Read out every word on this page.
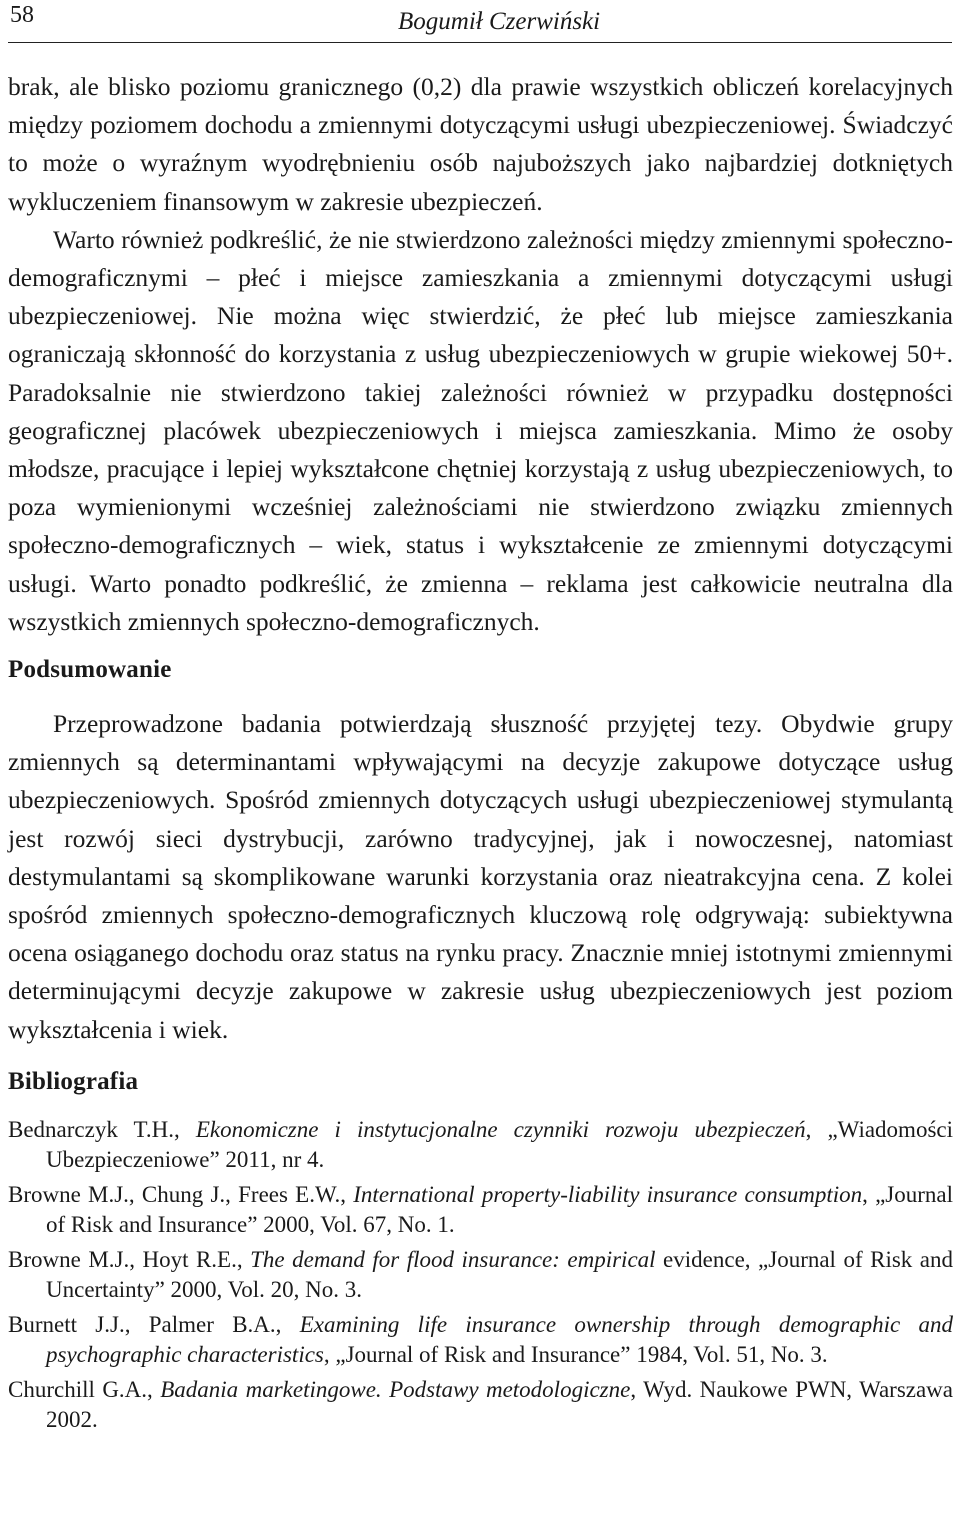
58	Bogumił Czerwiński

brak, ale blisko poziomu granicznego (0,2) dla prawie wszystkich obliczeń korelacyjnych między poziomem dochodu a zmiennymi dotyczącymi usługi ubezpieczeniowej. Świadczyć to może o wyraźnym wyodrębnieniu osób najuboższych jako najbardziej dotkniętych wykluczeniem finansowym w zakresie ubezpieczeń.

Warto również podkreślić, że nie stwierdzono zależności między zmiennymi społeczno-demograficznymi – płeć i miejsce zamieszkania a zmiennymi dotyczącymi usługi ubezpieczeniowej. Nie można więc stwierdzić, że płeć lub miejsce zamieszkania ograniczają skłonność do korzystania z usług ubezpieczeniowych w grupie wiekowej 50+. Paradoksalnie nie stwierdzono takiej zależności również w przypadku dostępności geograficznej placówek ubezpieczeniowych i miejsca zamieszkania. Mimo że osoby młodsze, pracujące i lepiej wykształcone chętniej korzystają z usług ubezpieczeniowych, to poza wymienionymi wcześniej zależnościami nie stwierdzono związku zmiennych społeczno-demograficznych – wiek, status i wykształcenie ze zmiennymi dotyczącymi usługi. Warto ponadto podkreślić, że zmienna – reklama jest całkowicie neutralna dla wszystkich zmiennych społeczno-demograficznych.

Podsumowanie

Przeprowadzone badania potwierdzają słuszność przyjętej tezy. Obydwie grupy zmiennych są determinantami wpływającymi na decyzje zakupowe dotyczące usług ubezpieczeniowych. Spośród zmiennych dotyczących usługi ubezpieczeniowej stymulantą jest rozwój sieci dystrybucji, zarówno tradycyjnej, jak i nowoczesnej, natomiast destymulantami są skomplikowane warunki korzystania oraz nieatrakcyjna cena. Z kolei spośród zmiennych społeczno-demograficznych kluczową rolę odgrywają: subiektywna ocena osiąganego dochodu oraz status na rynku pracy. Znacznie mniej istotnymi zmiennymi determinującymi decyzje zakupowe w zakresie usług ubezpieczeniowych jest poziom wykształcenia i wiek.

Bibliografia
Bednarczyk T.H., Ekonomiczne i instytucjonalne czynniki rozwoju ubezpieczeń, „Wiadomości Ubezpieczeniowe” 2011, nr 4.
Browne M.J., Chung J., Frees E.W., International property-liability insurance consumption, „Journal of Risk and Insurance” 2000, Vol. 67, No. 1.
Browne M.J., Hoyt R.E., The demand for flood insurance: empirical evidence, „Journal of Risk and Uncertainty” 2000, Vol. 20, No. 3.
Burnett J.J., Palmer B.A., Examining life insurance ownership through demographic and psychographic characteristics, „Journal of Risk and Insurance” 1984, Vol. 51, No. 3.
Churchill G.A., Badania marketingowe. Podstawy metodologiczne, Wyd. Naukowe PWN, Warszawa 2002.
